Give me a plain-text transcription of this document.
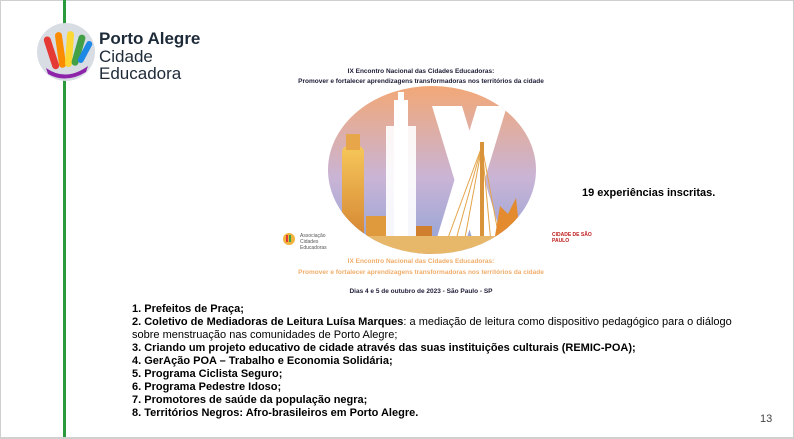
Porto Alegre
Cidade
Educadora	IX Encontro Nacional das Cidades Educadoras:
Promover e fortalecer aprendizagens transformadoras nos territórios da cidade
Associação Cidades Educadoras
CIDADE DE SÃO PAULO
IX Encontro Nacional das Cidades Educadoras:
Promover e fortalecer aprendizagens transformadoras nos territórios da cidade
Dias 4 e 5 de outubro de 2023 - São Paulo - SP
19 experiências inscritas.
1. Prefeitos de Praça;
2. Coletivo de Mediadoras de Leitura Luísa Marques: a mediação de leitura como dispositivo pedagógico para o diálogo sobre menstruação nas comunidades de Porto Alegre;
3. Criando um projeto educativo de cidade através das suas instituições culturais (REMIC-POA);
4. GerAção POA – Trabalho e Economia Solidária;
5. Programa Ciclista Seguro;
6. Programa Pedestre Idoso;
7. Promotores de saúde da população negra;
8. Territórios Negros: Afro-brasileiros em Porto Alegre.	13
